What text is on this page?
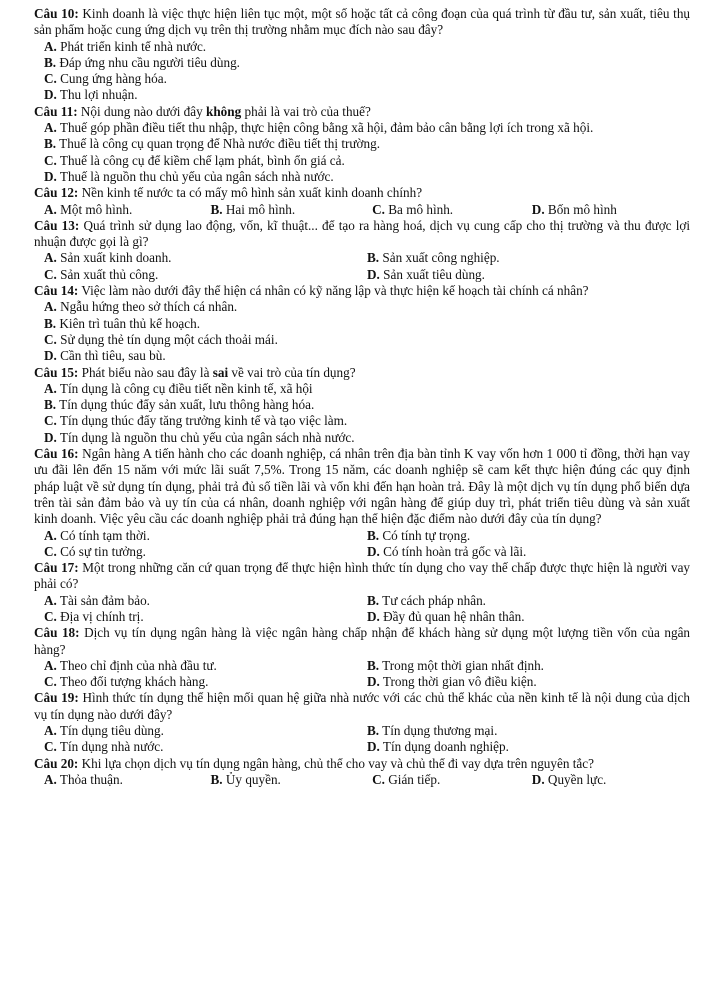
Câu 10: Kinh doanh là việc thực hiện liên tục một, một số hoặc tất cả công đoạn của quá trình từ đầu tư, sản xuất, tiêu thụ sản phẩm hoặc cung ứng dịch vụ trên thị trường nhằm mục đích nào sau đây?

A. Phát triển kinh tế nhà nước.
B. Đáp ứng nhu cầu người tiêu dùng.
C. Cung ứng hàng hóa.
D. Thu lợi nhuận.

Câu 11: Nội dung nào dưới đây không phải là vai trò của thuế?

A. Thuế góp phần điều tiết thu nhập, thực hiện công bằng xã hội, đảm bảo cân bằng lợi ích trong xã hội.

B. Thuế là công cụ quan trọng để Nhà nước điều tiết thị trường.
C. Thuế là công cụ để kiềm chế lạm phát, bình ổn giá cả.
D. Thuế là nguồn thu chủ yếu của ngân sách nhà nước.

Câu 12: Nền kinh tế nước ta có mấy mô hình sản xuất kinh doanh chính?

A. Một mô hình.	B. Hai mô hình.	C. Ba mô hình.	D. Bốn mô hình

Câu 13: Quá trình sử dụng lao động, vốn, kĩ thuật... để tạo ra hàng hoá, dịch vụ cung cấp cho thị trường và thu được lợi nhuận được gọi là gì?

A. Sản xuất kinh doanh.	B. Sản xuất công nghiệp.
C. Sản xuất thủ công.	D. Sản xuất tiêu dùng.

Câu 14: Việc làm nào dưới đây thể hiện cá nhân có kỹ năng lập và thực hiện kế hoạch tài chính cá nhân?

A. Ngẫu hứng theo sở thích cá nhân.
B. Kiên trì tuân thủ kế hoạch.
C. Sử dụng thẻ tín dụng một cách thoải mái.
D. Cần thì tiêu, sau bù.

Câu 15: Phát biểu nào sau đây là sai về vai trò của tín dụng?

A. Tín dụng là công cụ điều tiết nền kinh tế, xã hội
B. Tín dụng thúc đẩy sản xuất, lưu thông hàng hóa.
C. Tín dụng thúc đẩy tăng trưởng kinh tế và tạo việc làm.
D. Tín dụng là nguồn thu chủ yếu của ngân sách nhà nước.

Câu 16: Ngân hàng A tiến hành cho các doanh nghiệp, cá nhân trên địa bàn tỉnh K vay vốn hơn 1 000 tỉ đồng, thời hạn vay ưu đãi lên đến 15 năm với mức lãi suất 7,5%. Trong 15 năm, các doanh nghiệp sẽ cam kết thực hiện đúng các quy định pháp luật về sử dụng tín dụng, phải trả đủ số tiền lãi và vốn khi đến hạn hoàn trả. Đây là một dịch vụ tín dụng phổ biến dựa trên tài sản đảm bảo và uy tín của cá nhân, doanh nghiệp với ngân hàng để giúp duy trì, phát triển tiêu dùng và sản xuất kinh doanh. Việc yêu cầu các doanh nghiệp phải trả đúng hạn thể hiện đặc điểm nào dưới đây của tín dụng?

A. Có tính tạm thời.	B. Có tính tự trọng.
C. Có sự tin tưởng.	D. Có tính hoàn trả gốc và lãi.

Câu 17: Một trong những căn cứ quan trọng để thực hiện hình thức tín dụng cho vay thế chấp được thực hiện là người vay phải có?

A. Tài sản đảm bảo.	B. Tư cách pháp nhân.
C. Địa vị chính trị.	D. Đầy đủ quan hệ nhân thân.

Câu 18: Dịch vụ tín dụng ngân hàng là việc ngân hàng chấp nhận để khách hàng sử dụng một lượng tiền vốn của ngân hàng?

A. Theo chỉ định của nhà đầu tư.	B. Trong một thời gian nhất định.
C. Theo đối tượng khách hàng.	D. Trong thời gian vô điều kiện.

Câu 19: Hình thức tín dụng thể hiện mối quan hệ giữa nhà nước với các chủ thể khác của nền kinh tế là nội dung của dịch vụ tín dụng nào dưới đây?

A. Tín dụng tiêu dùng.	B. Tín dụng thương mại.
C. Tín dụng nhà nước.	D. Tín dụng doanh nghiệp.

Câu 20: Khi lựa chọn dịch vụ tín dụng ngân hàng, chủ thể cho vay và chủ thể đi vay dựa trên nguyên tắc?

A. Thỏa thuận.	B. Ủy quyền.	C. Gián tiếp.	D. Quyền lực.
